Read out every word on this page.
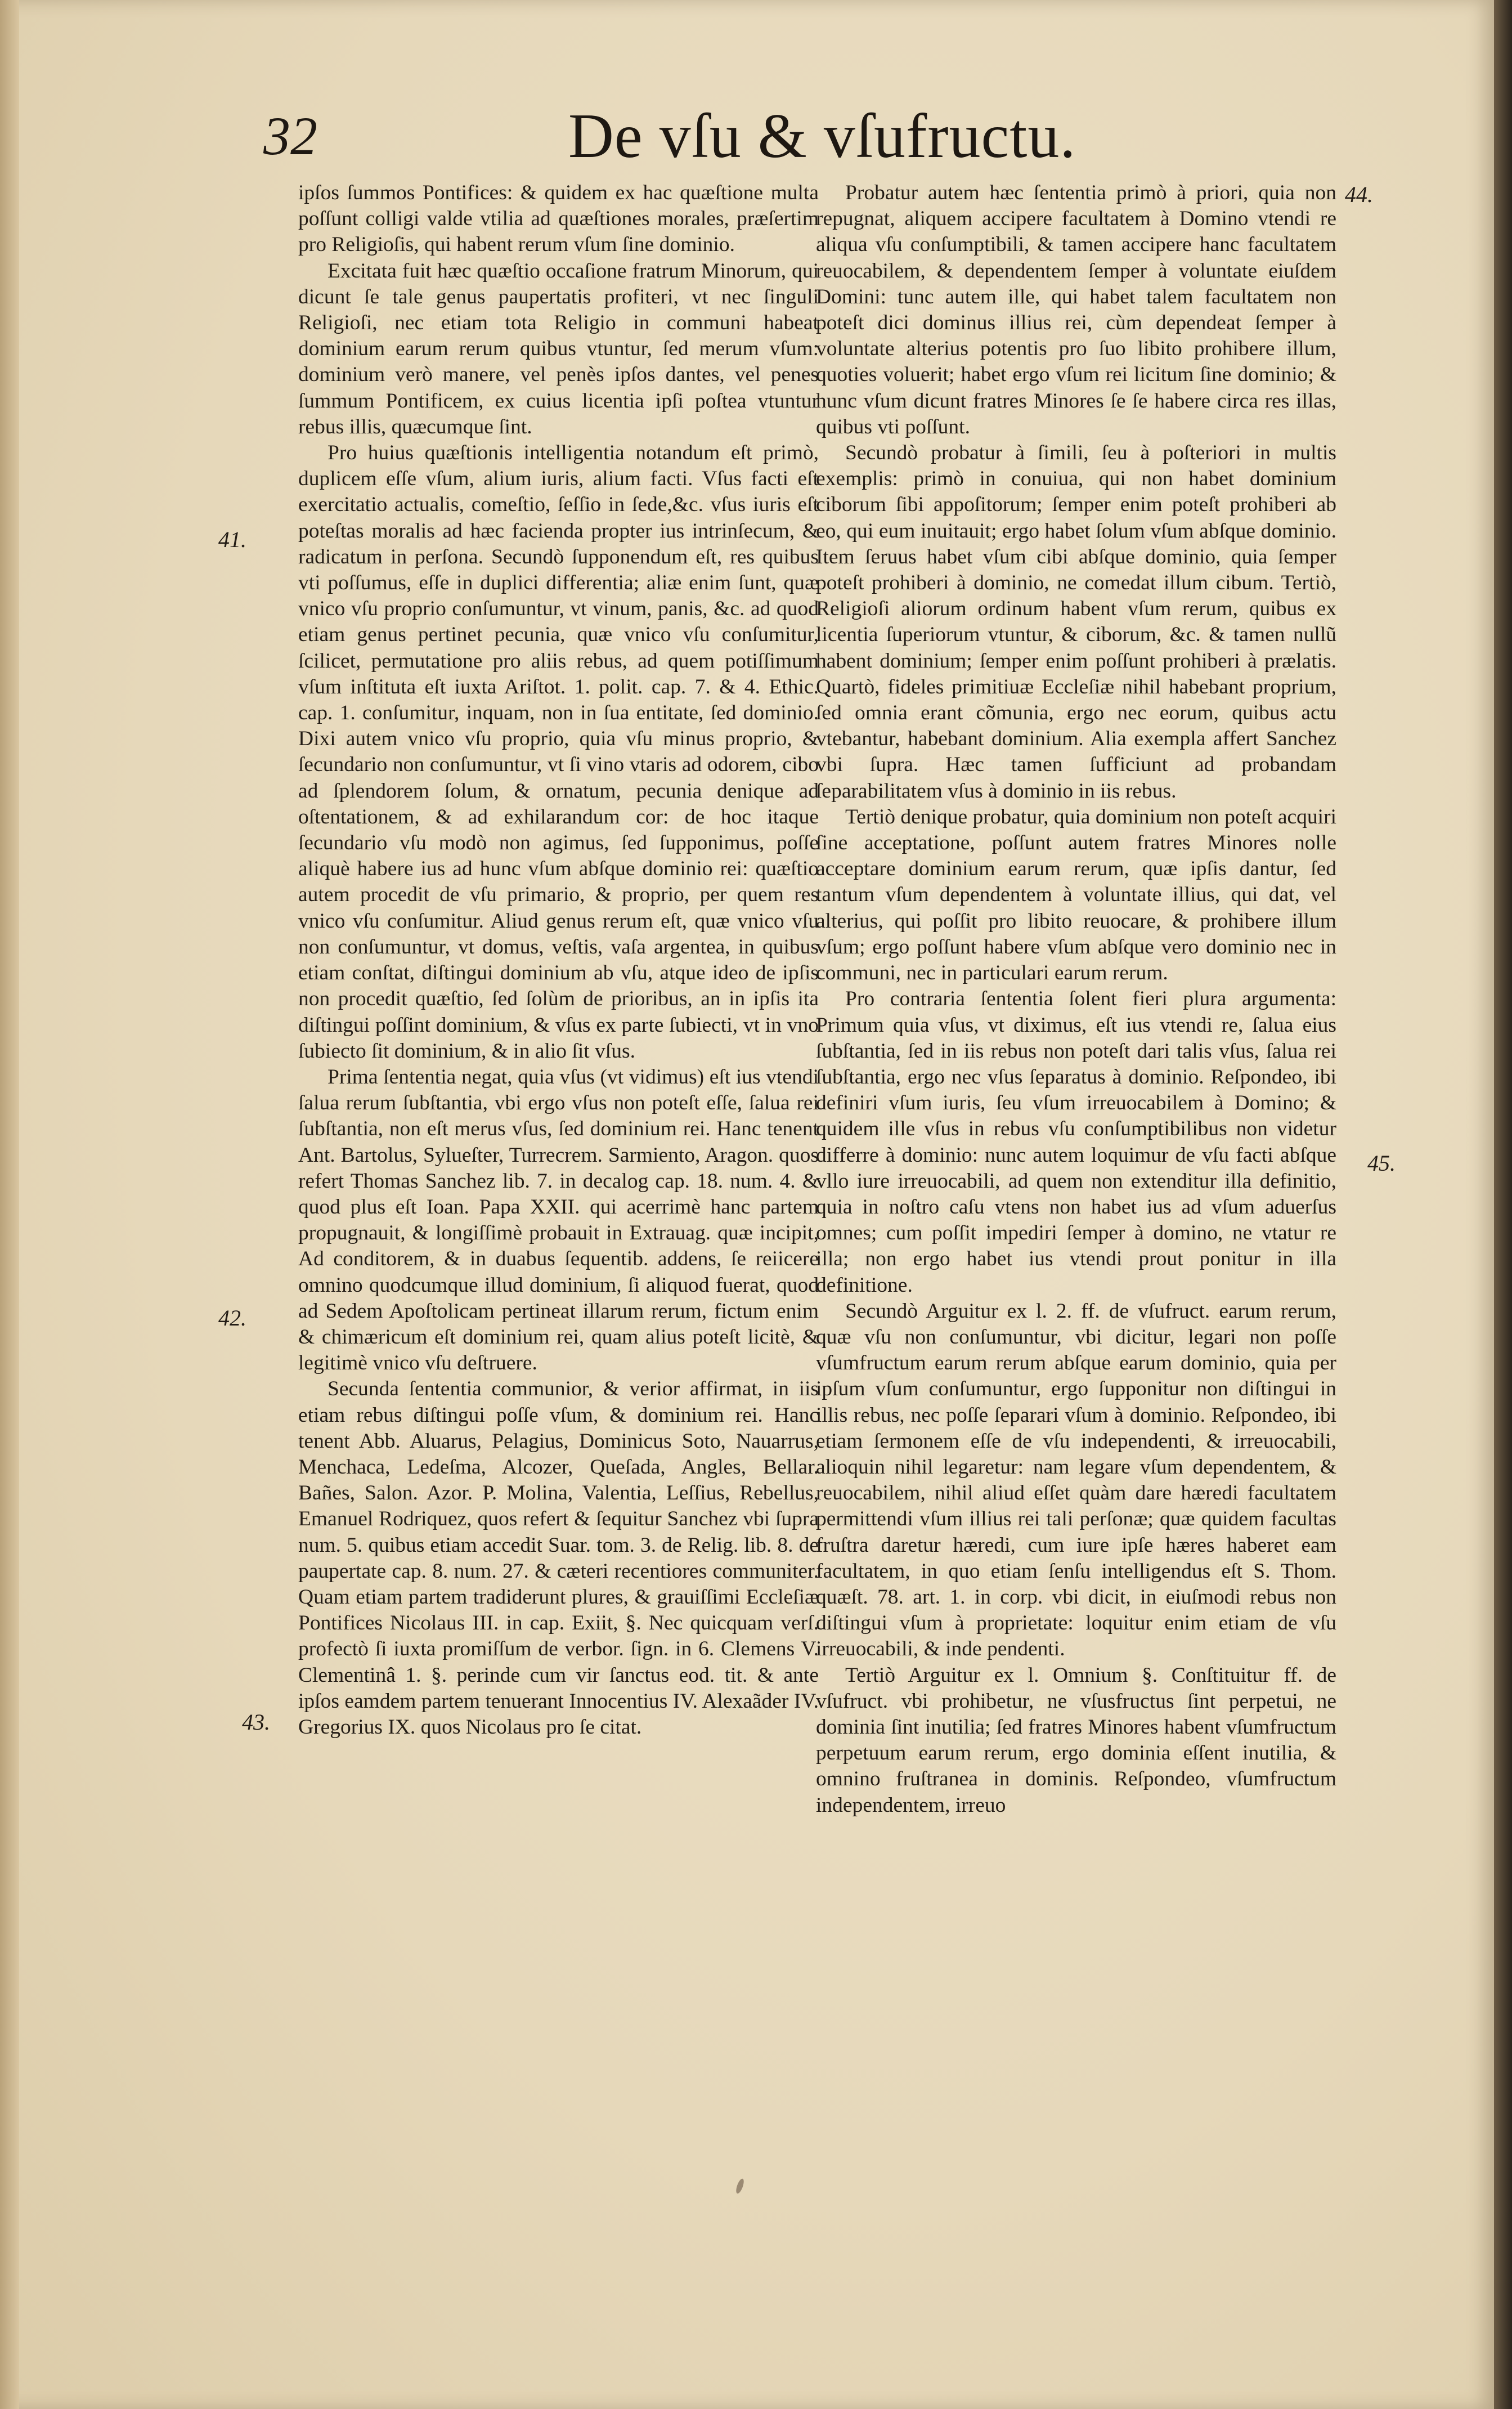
32	De vſu & vſufructu.
41.
42.
43.
44.
45.

ipſos ſummos Pontifices: & quidem ex hac quæſtione multa poſſunt colligi valde vtilia ad quæſtiones morales, præſertim pro Religioſis, qui habent rerum vſum ſine dominio.

Excitata fuit hæc quæſtio occaſione fratrum Minorum, qui dicunt ſe tale genus paupertatis profiteri, vt nec ſinguli Religioſi, nec etiam tota Religio in communi habeat dominium earum rerum quibus vtuntur, ſed merum vſum: dominium verò manere, vel penès ipſos dantes, vel penes ſummum Pontificem, ex cuius licentia ipſi poſtea vtuntur rebus illis, quæcumque ſint.

Pro huius quæſtionis intelligentia notandum eſt primò, duplicem eſſe vſum, alium iuris, alium facti. Vſus facti eſt exercitatio actualis, comeſtio, ſeſſio in ſede,&c. vſus iuris eſt poteſtas moralis ad hæc facienda propter ius intrinſecum, & radicatum in perſona. Secundò ſupponendum eſt, res quibus vti poſſumus, eſſe in duplici differentia; aliæ enim ſunt, quæ vnico vſu proprio conſumuntur, vt vinum, panis, &c. ad quod etiam genus pertinet pecunia, quæ vnico vſu conſumitur, ſcilicet, permutatione pro aliis rebus, ad quem potiſſimum vſum inſtituta eſt iuxta Ariſtot. 1. polit. cap. 7. & 4. Ethic. cap. 1. conſumitur, inquam, non in ſua entitate, ſed dominio. Dixi autem vnico vſu proprio, quia vſu minus proprio, & ſecundario non conſumuntur, vt ſi vino vtaris ad odorem, cibo ad ſplendorem ſolum, & ornatum, pecunia denique ad oſtentationem, & ad exhilarandum cor: de hoc itaque ſecundario vſu modò non agimus, ſed ſupponimus, poſſe aliquè habere ius ad hunc vſum abſque dominio rei: quæſtio autem procedit de vſu primario, & proprio, per quem res vnico vſu conſumitur. Aliud genus rerum eſt, quæ vnico vſu non conſumuntur, vt domus, veſtis, vaſa argentea, in quibus etiam conſtat, diſtingui dominium ab vſu, atque ideo de ipſis non procedit quæſtio, ſed ſolùm de prioribus, an in ipſis ita diſtingui poſſint dominium, & vſus ex parte ſubiecti, vt in vno ſubiecto ſit dominium, & in alio ſit vſus.

Prima ſententia negat, quia vſus (vt vidimus) eſt ius vtendi ſalua rerum ſubſtantia, vbi ergo vſus non poteſt eſſe, ſalua rei ſubſtantia, non eſt merus vſus, ſed dominium rei. Hanc tenent Ant. Bartolus, Sylueſter, Turrecrem. Sarmiento, Aragon. quos refert Thomas Sanchez lib. 7. in decalog cap. 18. num. 4. & quod plus eſt Ioan. Papa XXII. qui acerrimè hanc partem propugnauit, & longiſſimè probauit in Extrauag. quæ incipit, Ad conditorem, & in duabus ſequentib. addens, ſe reiicere omnino quodcumque illud dominium, ſi aliquod fuerat, quod ad Sedem Apoſtolicam pertineat illarum rerum, fictum enim & chimæricum eſt dominium rei, quam alius poteſt licitè, & legitimè vnico vſu deſtruere.

Secunda ſententia communior, & verior affirmat, in iis etiam rebus diſtingui poſſe vſum, & dominium rei. Hanc tenent Abb. Aluarus, Pelagius, Dominicus Soto, Nauarrus, Menchaca, Ledeſma, Alcozer, Queſada, Angles, Bellar. Bañes, Salon. Azor. P. Molina, Valentia, Leſſius, Rebellus, Emanuel Rodriquez, quos refert & ſequitur Sanchez vbi ſupra num. 5. quibus etiam accedit Suar. tom. 3. de Relig. lib. 8. de paupertate cap. 8. num. 27. & cæteri recentiores communiter. Quam etiam partem tradiderunt plures, & grauiſſimi Eccleſiæ Pontifices Nicolaus III. in cap. Exiit, §. Nec quicquam verſ. profectò ſi iuxta promiſſum de verbor. ſign. in 6. Clemens V. Clementinâ 1. §. perinde cum vir ſanctus eod. tit. & ante ipſos eamdem partem tenuerant Innocentius IV. Alexaãder IV. Gregorius IX. quos Nicolaus pro ſe citat.

Probatur autem hæc ſententia primò à priori, quia non repugnat, aliquem accipere facultatem à Domino vtendi re aliqua vſu conſumptibili, & tamen accipere hanc facultatem reuocabilem, & dependentem ſemper à voluntate eiuſdem Domini: tunc autem ille, qui habet talem facultatem non poteſt dici dominus illius rei, cùm dependeat ſemper à voluntate alterius potentis pro ſuo libito prohibere illum, quoties voluerit; habet ergo vſum rei licitum ſine dominio; & hunc vſum dicunt fratres Minores ſe ſe habere circa res illas, quibus vti poſſunt.

Secundò probatur à ſimili, ſeu à poſteriori in multis exemplis: primò in conuiua, qui non habet dominium ciborum ſibi appoſitorum; ſemper enim poteſt prohiberi ab eo, qui eum inuitauit; ergo habet ſolum vſum abſque dominio. Item ſeruus habet vſum cibi abſque dominio, quia ſemper poteſt prohiberi à dominio, ne comedat illum cibum. Tertiò, Religioſi aliorum ordinum habent vſum rerum, quibus ex licentia ſuperiorum vtuntur, & ciborum, &c. & tamen nullũ habent dominium; ſemper enim poſſunt prohiberi à prælatis. Quartò, fideles primitiuæ Eccleſiæ nihil habebant proprium, ſed omnia erant cõmunia, ergo nec eorum, quibus actu vtebantur, habebant dominium. Alia exempla affert Sanchez vbi ſupra. Hæc tamen ſufficiunt ad probandam ſeparabilitatem vſus à dominio in iis rebus.

Tertiò denique probatur, quia dominium non poteſt acquiri ſine acceptatione, poſſunt autem fratres Minores nolle acceptare dominium earum rerum, quæ ipſis dantur, ſed tantum vſum dependentem à voluntate illius, qui dat, vel alterius, qui poſſit pro libito reuocare, & prohibere illum vſum; ergo poſſunt habere vſum abſque vero dominio nec in communi, nec in particulari earum rerum.

Pro contraria ſententia ſolent fieri plura argumenta: Primum quia vſus, vt diximus, eſt ius vtendi re, ſalua eius ſubſtantia, ſed in iis rebus non poteſt dari talis vſus, ſalua rei ſubſtantia, ergo nec vſus ſeparatus à dominio. Reſpondeo, ibi definiri vſum iuris, ſeu vſum irreuocabilem à Domino; & quidem ille vſus in rebus vſu conſumptibilibus non videtur differre à dominio: nunc autem loquimur de vſu facti abſque vllo iure irreuocabili, ad quem non extenditur illa definitio, quia in noſtro caſu vtens non habet ius ad vſum aduerſus omnes; cum poſſit impediri ſemper à domino, ne vtatur re illa; non ergo habet ius vtendi prout ponitur in illa definitione.

Secundò Arguitur ex l. 2. ff. de vſufruct. earum rerum, quæ vſu non conſumuntur, vbi dicitur, legari non poſſe vſumfructum earum rerum abſque earum dominio, quia per ipſum vſum conſumuntur, ergo ſupponitur non diſtingui in illis rebus, nec poſſe ſeparari vſum à dominio. Reſpondeo, ibi etiam ſermonem eſſe de vſu independenti, & irreuocabili, alioquin nihil legaretur: nam legare vſum dependentem, & reuocabilem, nihil aliud eſſet quàm dare hæredi facultatem permittendi vſum illius rei tali perſonæ; quæ quidem facultas fruſtra daretur hæredi, cum iure ipſe hæres haberet eam facultatem, in quo etiam ſenſu intelligendus eſt S. Thom. quæſt. 78. art. 1. in corp. vbi dicit, in eiuſmodi rebus non diſtingui vſum à proprietate: loquitur enim etiam de vſu irreuocabili, & inde pendenti.

Tertiò Arguitur ex l. Omnium §. Conſtituitur ff. de vſufruct. vbi prohibetur, ne vſusfructus ſint perpetui, ne dominia ſint inutilia; ſed fratres Minores habent vſumfructum perpetuum earum rerum, ergo dominia eſſent inutilia, & omnino fruſtranea in dominis. Reſpondeo, vſumfructum independentem, irreuo
